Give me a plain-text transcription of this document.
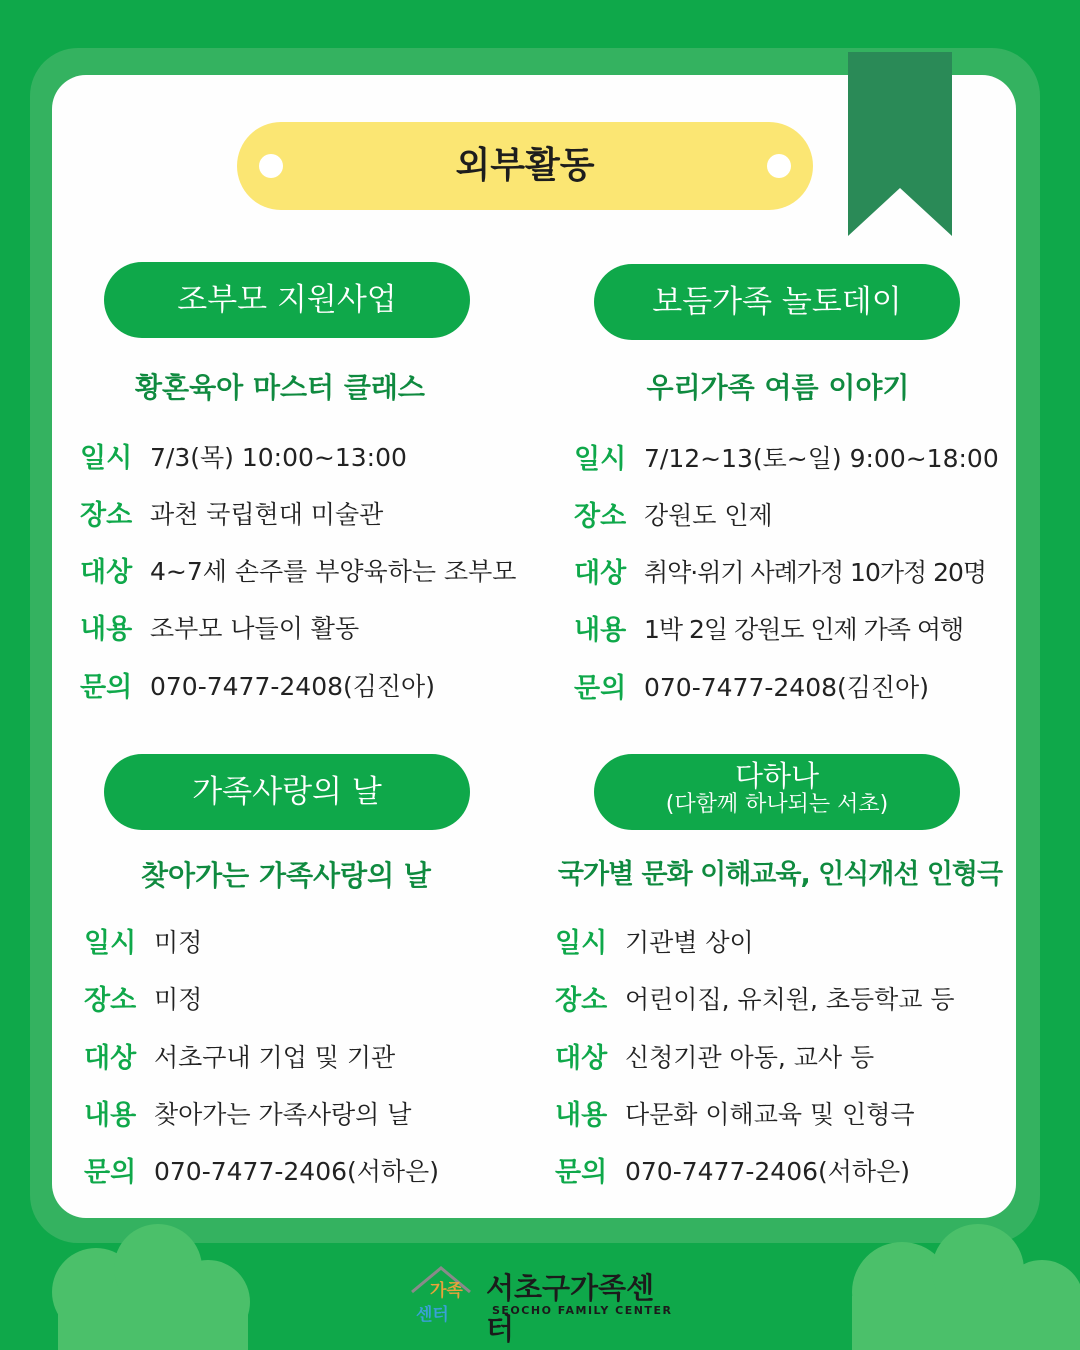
외부활동
조부모 지원사업
황혼육아 마스터 클래스
일시 7/3(목) 10:00~13:00
장소 과천 국립현대 미술관
대상 4~7세 손주를 부양육하는 조부모
내용 조부모 나들이 활동
문의 070-7477-2408(김진아)
보듬가족 놀토데이
우리가족 여름 이야기
일시 7/12~13(토~일) 9:00~18:00
장소 강원도 인제
대상 취약·위기 사례가정 10가정 20명
내용 1박 2일 강원도 인제 가족 여행
문의 070-7477-2408(김진아)
가족사랑의 날
찾아가는 가족사랑의 날
일시 미정
장소 미정
대상 서초구내 기업 및 기관
내용 찾아가는 가족사랑의 날
문의 070-7477-2406(서하은)
다하나
(다함께 하나되는 서초)
국가별 문화 이해교육, 인식개선 인형극
일시 기관별 상이
장소 어린이집, 유치원, 초등학교 등
대상 신청기관 아동, 교사 등
내용 다문화 이해교육 및 인형극
문의 070-7477-2406(서하은)
가족
센터
서초구가족센터
SEOCHO FAMILY CENTER
